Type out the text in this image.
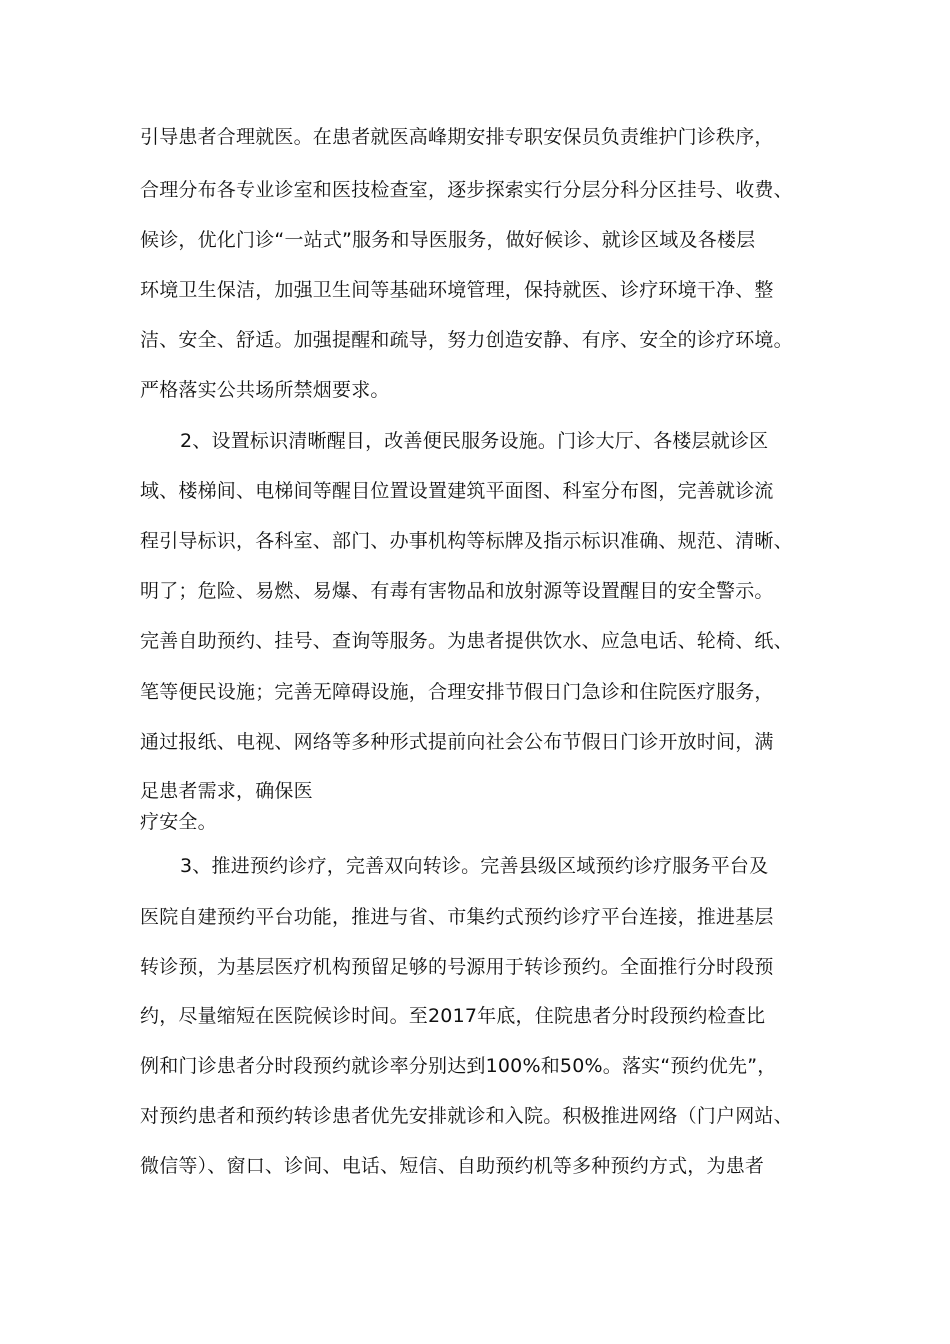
引导患者合理就医。在患者就医高峰期安排专职安保员负责维护门诊秩序，
合理分布各专业诊室和医技检查室，逐步探索实行分层分科分区挂号、收费、
候诊，优化门诊“一站式”服务和导医服务，做好候诊、就诊区域及各楼层
环境卫生保洁，加强卫生间等基础环境管理，保持就医、诊疗环境干净、整
洁、安全、舒适。加强提醒和疏导，努力创造安静、有序、安全的诊疗环境。
严格落实公共场所禁烟要求。
2、设置标识清晰醒目，改善便民服务设施。门诊大厅、各楼层就诊区
域、楼梯间、电梯间等醒目位置设置建筑平面图、科室分布图，完善就诊流
程引导标识，各科室、部门、办事机构等标牌及指示标识准确、规范、清晰、
明了；危险、易燃、易爆、有毒有害物品和放射源等设置醒目的安全警示。
完善自助预约、挂号、查询等服务。为患者提供饮水、应急电话、轮椅、纸、
笔等便民设施；完善无障碍设施，合理安排节假日门急诊和住院医疗服务，
通过报纸、电视、网络等多种形式提前向社会公布节假日门诊开放时间，满
足患者需求，确保医
疗安全。
3、推进预约诊疗，完善双向转诊。完善县级区域预约诊疗服务平台及
医院自建预约平台功能，推进与省、市集约式预约诊疗平台连接，推进基层
转诊预，为基层医疗机构预留足够的号源用于转诊预约。全面推行分时段预
约，尽量缩短在医院候诊时间。至2017年底，住院患者分时段预约检查比
例和门诊患者分时段预约就诊率分别达到100%和50%。落实“预约优先”，
对预约患者和预约转诊患者优先安排就诊和入院。积极推进网络（门户网站、
微信等）、窗口、诊间、电话、短信、自助预约机等多种预约方式，为患者
